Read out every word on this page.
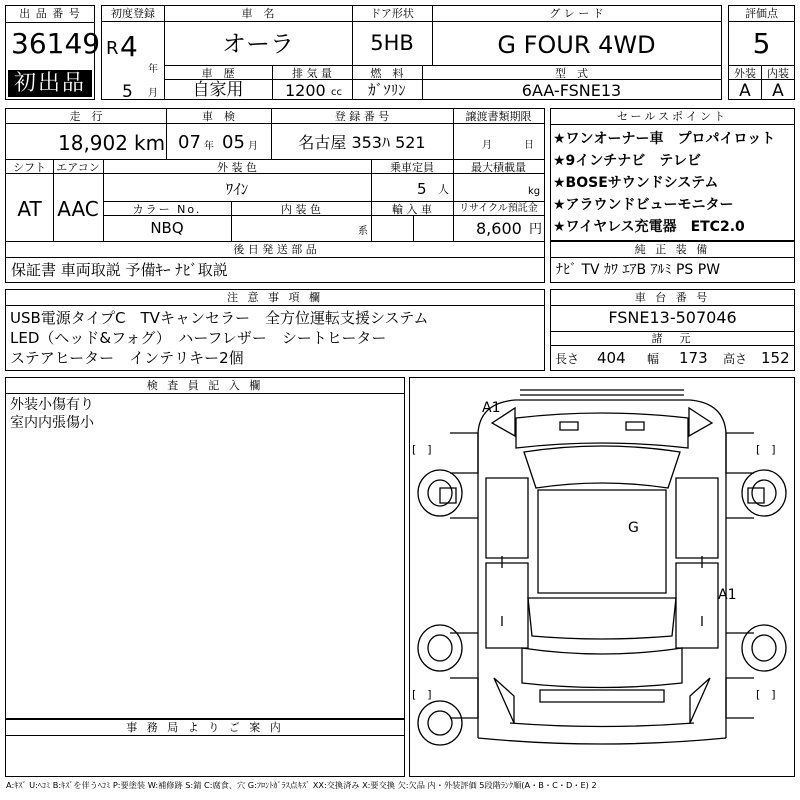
出 品 番 号
36149
初出品
初度登録
R 4
年
5 月
車　名
オーラ
ドア形状
5HB
グ レ ー ド
G FOUR 4WD
車　歴
自家用
排 気 量
1200 cc
燃　料
ｶﾞｿﾘﾝ
型　式
6AA-FSNE13
評価点
5
外装	内装
A	A
走　行
18,902 km
車　検
07 年 05 月
登 録 番 号
名古屋 353ﾊ 521
譲渡書類期限
月	日
シフト
AT
エアコン
AAC
外 装 色
ﾜｲﾝ
乗車定員
5 人
最大積載量
kg
カラー No.
NBQ
内 装 色
系
輸 入 車	リサイクル預託金
8,600 円
後 日 発 送 部 品
保証書 車両取説 予備ｷｰ ﾅﾋﾞ取説
セールスポイント
★ワンオーナー車　プロパイロット
★9インチナビ　テレビ
★BOSEサウンドシステム
★アラウンドビューモニター
★ワイヤレス充電器　ETC2.0
純 正 装 備
ﾅﾋﾞ TV ｶﾜ ｴｱB ｱﾙﾐ PS PW
注 意 事 項 欄
USB電源タイプC　TVキャンセラー　全方位運転支援システム
LED（ヘッド&フォグ）　ハーフレザー　シートヒーター
ステアヒーター　インテリキー2個
車 台 番 号
FSNE13-507046
諸　元
長さ 404 幅 173 高さ 152
検 査 員 記 入 欄
外装小傷有り
室内内張傷小
事 務 局 よ り ご 案 内
A1
G
A1
[　]	[　]
[　]	[　]
A:ｷｽﾞ U:ﾍｺﾐ B:ｷｽﾞを伴うﾍｺﾐ P:要塗装 W:補修跡 S:錆 C:腐食、穴 G:ﾌﾛﾝﾄｶﾞﾗｽ点ｷｽﾞ XX:交換済み X:要交換 欠:欠品 内・外装評価 5段階ﾗﾝｸ順(A・B・C・D・E) 2
